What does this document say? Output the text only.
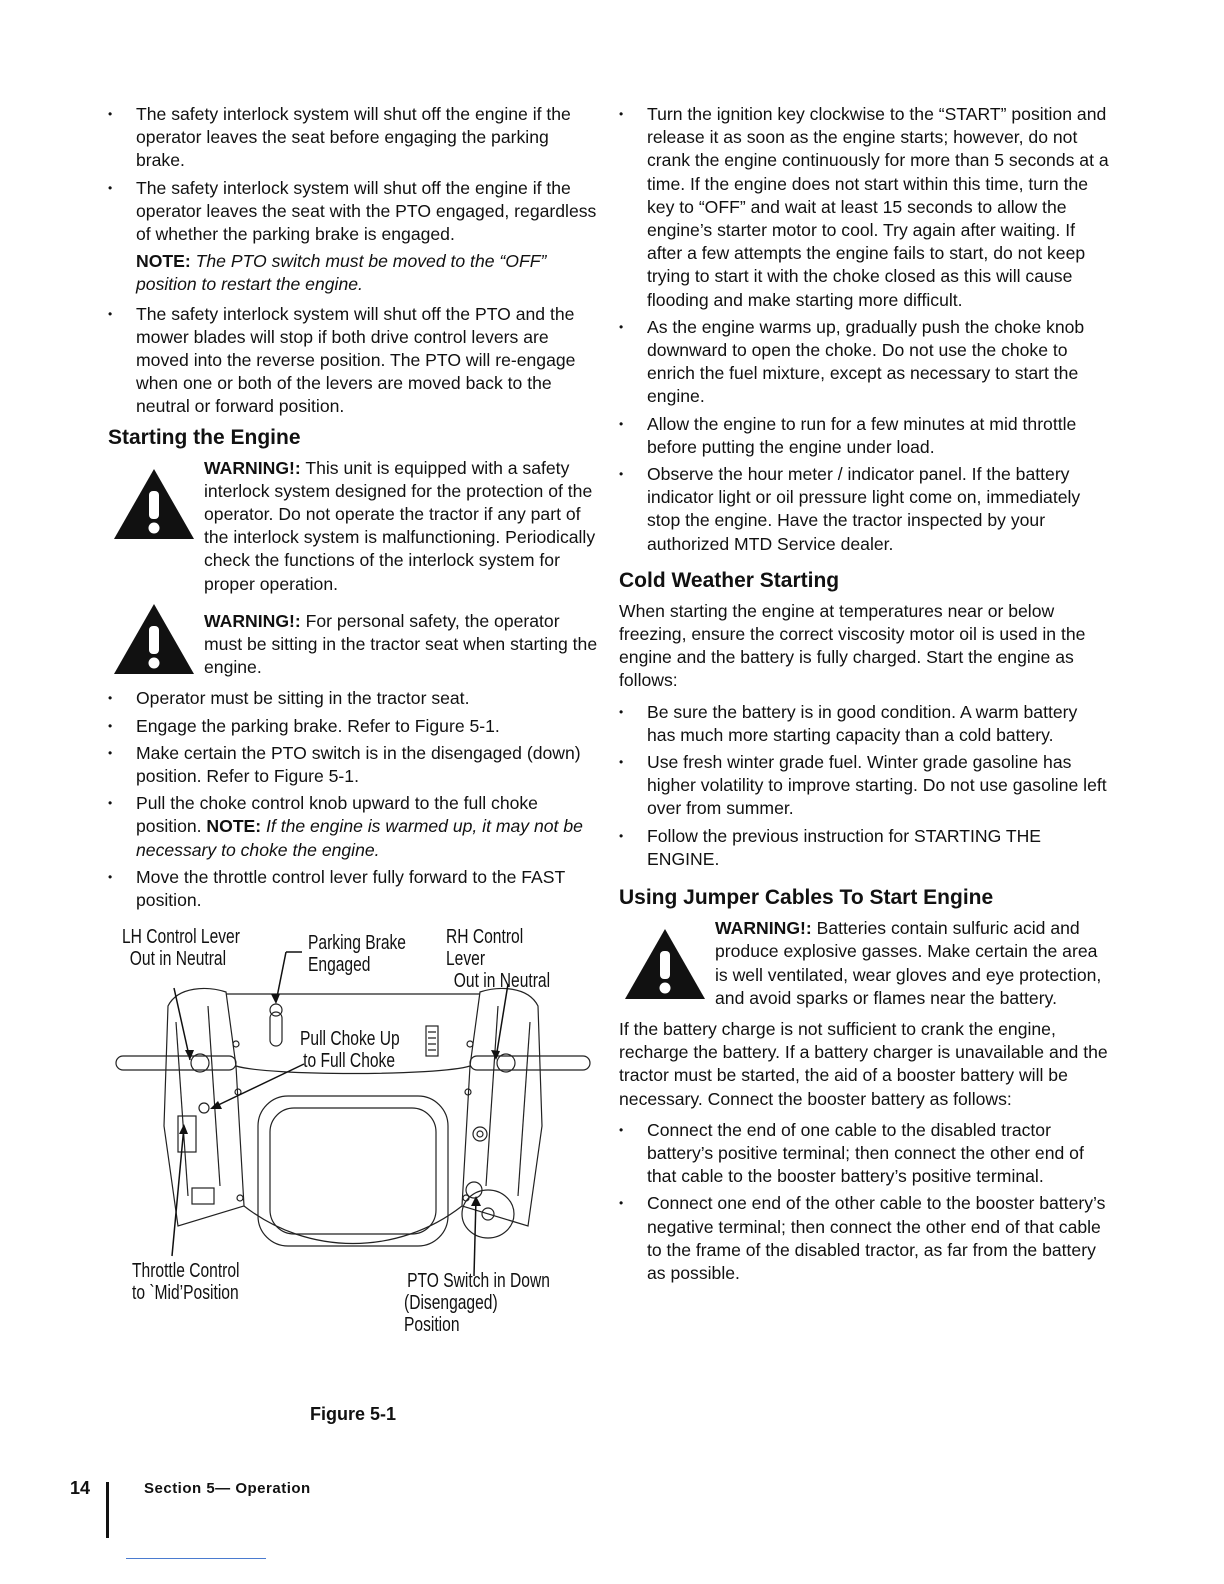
• The safety interlock system will shut off the engine if the operator leaves the seat before engaging the parking brake.
• The safety interlock system will shut off the engine if the operator leaves the seat with the PTO engaged, regardless of whether the parking brake is engaged.
NOTE: The PTO switch must be moved to the “OFF” position to restart the engine.
• The safety interlock system will shut off the PTO and the mower blades will stop if both drive control levers are moved into the reverse position. The PTO will re-engage when one or both of the levers are moved back to the neutral or forward position.
Starting the Engine
WARNING!: This unit is equipped with a safety interlock system designed for the protection of the operator. Do not operate the tractor if any part of the interlock system is malfunctioning. Periodically check the functions of the interlock system for proper operation.
WARNING!: For personal safety, the operator must be sitting in the tractor seat when starting the engine.
• Operator must be sitting in the tractor seat.
• Engage the parking brake. Refer to Figure 5-1.
• Make certain the PTO switch is in the disengaged (down) position. Refer to Figure 5-1.
• Pull the choke control knob upward to the full choke position. NOTE: If the engine is warmed up, it may not be necessary to choke the engine.
• Move the throttle control lever fully forward to the FAST position.
LH Control Lever
Out in Neutral
Parking Brake
Engaged
RH Control Lever
Out in Neutral
Pull Choke Up
to Full Choke
Throttle Control
to `Mid’Position
PTO Switch in Down
(Disengaged) Position
Figure 5-1
• Turn the ignition key clockwise to the “START” position and release it as soon as the engine starts; however, do not crank the engine continuously for more than 5 seconds at a time. If the engine does not start within this time, turn the key to “OFF” and wait at least 15 seconds to allow the engine’s starter motor to cool. Try again after waiting. If after a few attempts the engine fails to start, do not keep trying to start it with the choke closed as this will cause flooding and make starting more difficult.
• As the engine warms up, gradually push the choke knob downward to open the choke. Do not use the choke to enrich the fuel mixture, except as necessary to start the engine.
• Allow the engine to run for a few minutes at mid throttle before putting the engine under load.
• Observe the hour meter / indicator panel. If the battery indicator light or oil pressure light come on, immediately stop the engine. Have the tractor inspected by your authorized MTD Service dealer.
Cold Weather Starting

When starting the engine at temperatures near or below freezing, ensure the correct viscosity motor oil is used in the engine and the battery is fully charged. Start the engine as follows:

• Be sure the battery is in good condition. A warm battery has much more starting capacity than a cold battery.
• Use fresh winter grade fuel. Winter grade gasoline has higher volatility to improve starting. Do not use gasoline left over from summer.
• Follow the previous instruction for STARTING THE ENGINE.
Using Jumper Cables To Start Engine
WARNING!: Batteries contain sulfuric acid and produce explosive gasses. Make certain the area is well ventilated, wear gloves and eye protection, and avoid sparks or flames near the battery.

If the battery charge is not sufficient to crank the engine, recharge the battery. If a battery charger is unavailable and the tractor must be started, the aid of a booster battery will be necessary. Connect the booster battery as follows:

• Connect the end of one cable to the disabled tractor battery’s positive terminal; then connect the other end of that cable to the booster battery’s positive terminal.
• Connect one end of the other cable to the booster battery’s negative terminal; then connect the other end of that cable to the frame of the disabled tractor, as far from the battery as possible.
14	Section 5— Operation
